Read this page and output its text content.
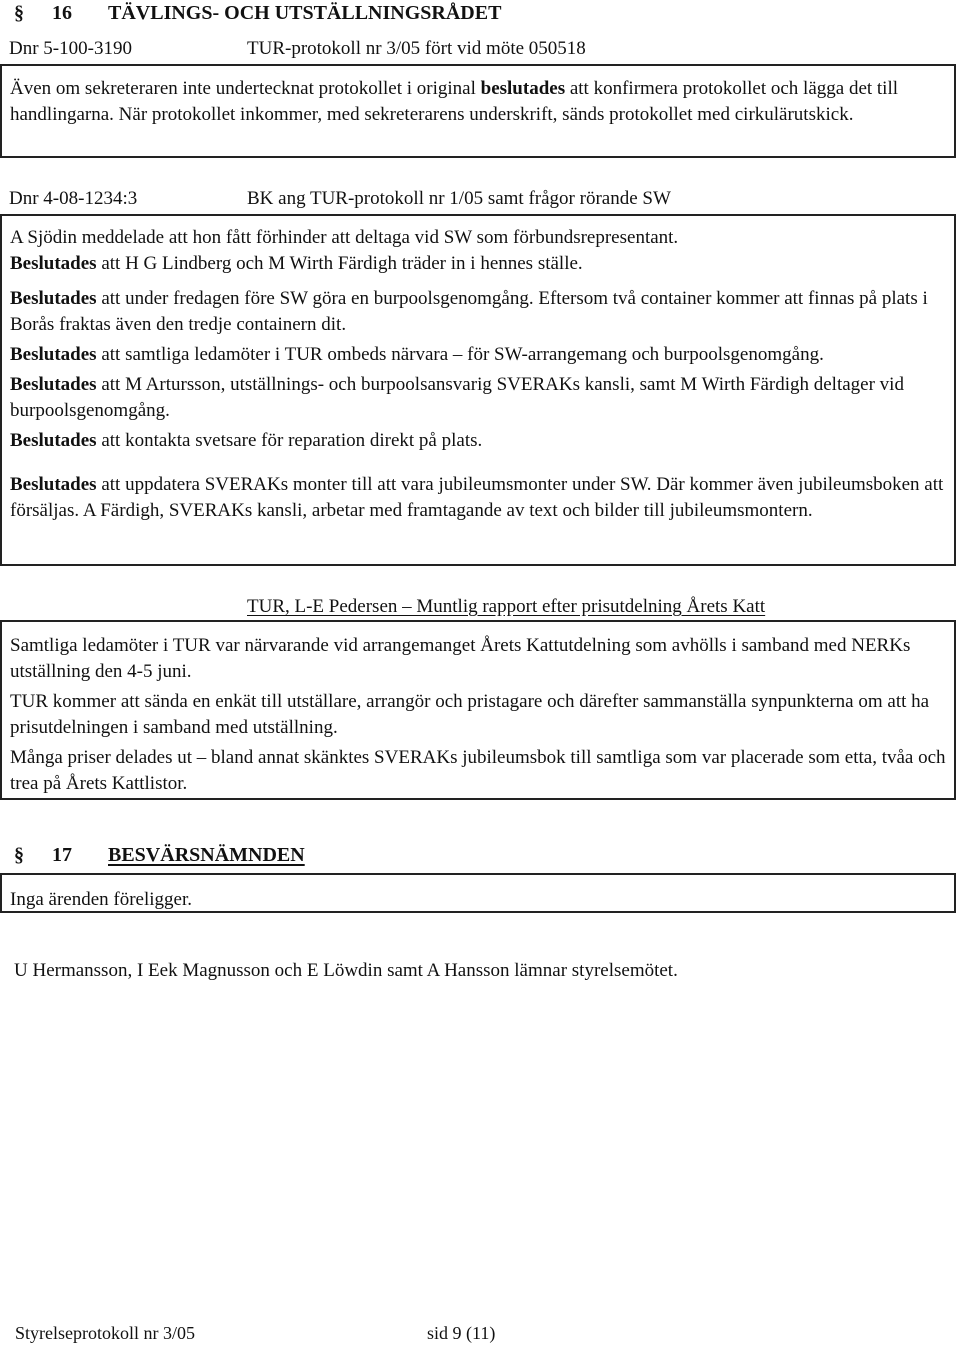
§ 16 TÄVLINGS- OCH UTSTÄLLNINGSRÅDET
Dnr 5-100-3190	TUR-protokoll nr 3/05 fört vid möte 050518

Även om sekreteraren inte undertecknat protokollet i original beslutades att konfirmera protokollet och lägga det till handlingarna. När protokollet inkommer, med sekreterarens underskrift, sänds protokollet med cirkulärutskick.

Dnr 4-08-1234:3	BK ang TUR-protokoll nr 1/05 samt frågor rörande SW

A Sjödin meddelade att hon fått förhinder att deltaga vid SW som förbundsrepresentant.
Beslutades att H G Lindberg och M Wirth Färdigh träder in i hennes ställe.

Beslutades att under fredagen före SW göra en burpoolsgenomgång. Eftersom två container kommer att finnas på plats i Borås fraktas även den tredje containern dit.

Beslutades att samtliga ledamöter i TUR ombeds närvara – för SW-arrangemang och burpoolsgenomgång.

Beslutades att M Artursson, utställnings- och burpoolsansvarig SVERAKs kansli, samt M Wirth Färdigh deltager vid burpoolsgenomgång.

Beslutades att kontakta svetsare för reparation direkt på plats.

Beslutades att uppdatera SVERAKs monter till att vara jubileumsmonter under SW. Där kommer även jubileumsboken att försäljas. A Färdigh, SVERAKs kansli, arbetar med framtagande av text och bilder till jubileumsmontern.

TUR, L-E Pedersen – Muntlig rapport efter prisutdelning Årets Katt

Samtliga ledamöter i TUR var närvarande vid arrangemanget Årets Kattutdelning som avhölls i samband med NERKs utställning den 4-5 juni.

TUR kommer att sända en enkät till utställare, arrangör och pristagare och därefter sammanställa synpunkterna om att ha prisutdelningen i samband med utställning.

Många priser delades ut – bland annat skänktes SVERAKs jubileumsbok till samtliga som var placerade som etta, tvåa och trea på Årets Kattlistor.

§ 17 BESVÄRSNÄMNDEN

Inga ärenden föreligger.

U Hermansson, I Eek Magnusson och E Löwdin samt A Hansson lämnar styrelsemötet.
Styrelseprotokoll nr 3/05	sid 9 (11)
